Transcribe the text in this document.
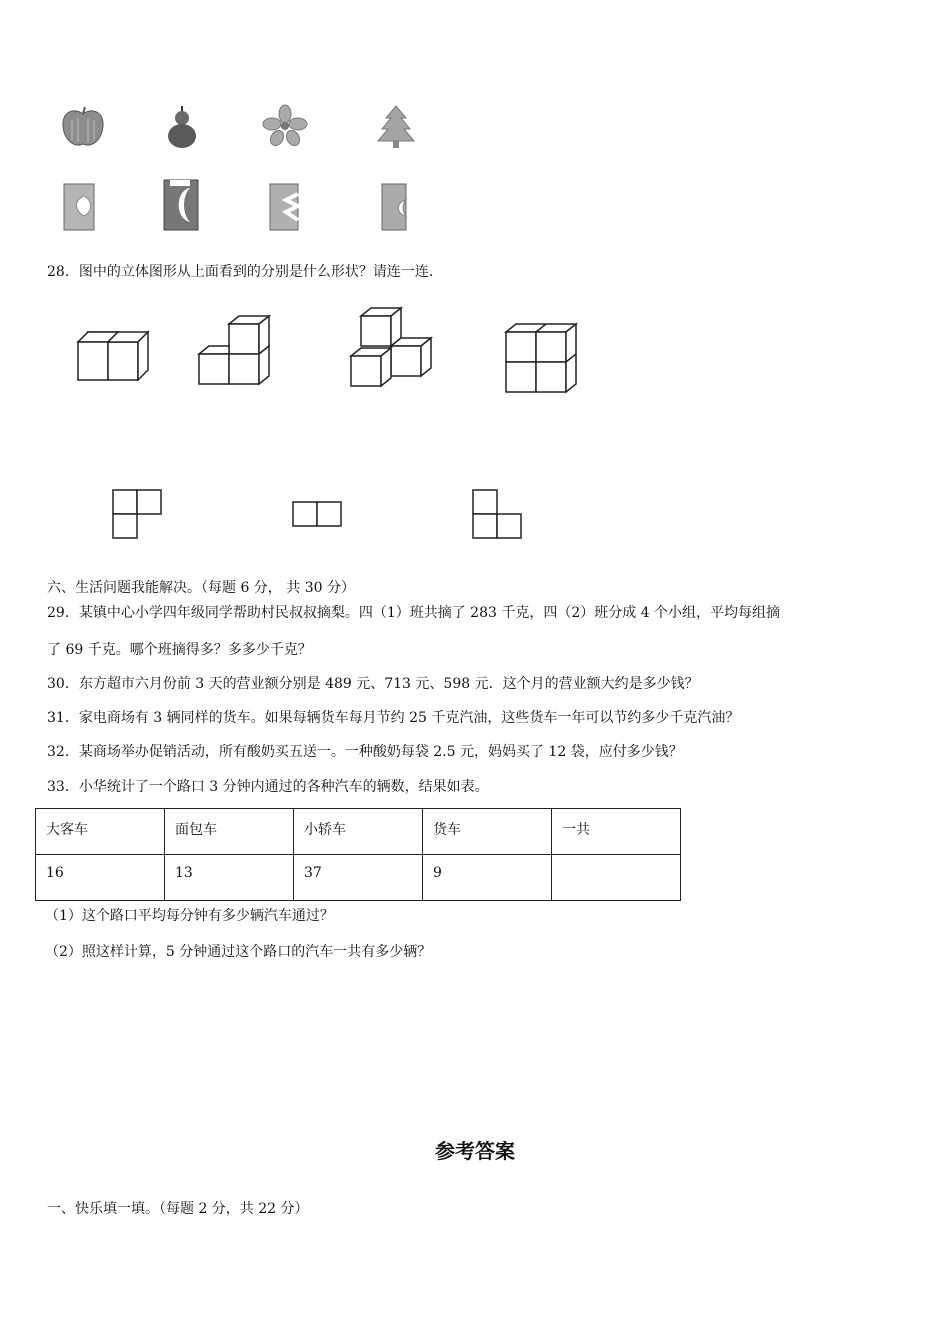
28．图中的立体图形从上面看到的分别是什么形状？请连一连.
六、生活问题我能解决。（每题 6 分， 共 30 分）
29．某镇中心小学四年级同学帮助村民叔叔摘梨。四（1）班共摘了 283 千克，四（2）班分成 4 个小组，平均每组摘
了 69 千克。哪个班摘得多？多多少千克？
30．东方超市六月份前 3 天的营业额分别是 489 元、713 元、598 元．这个月的营业额大约是多少钱？
31．家电商场有 3 辆同样的货车。如果每辆货车每月节约 25 千克汽油，这些货车一年可以节约多少千克汽油？
32．某商场举办促销活动，所有酸奶买五送一。一种酸奶每袋 2.5 元，妈妈买了 12 袋，应付多少钱？
33．小华统计了一个路口 3 分钟内通过的各种汽车的辆数，结果如表。
大客车	面包车	小轿车	货车	一共
16	13	37	9	
（1）这个路口平均每分钟有多少辆汽车通过？
（2）照这样计算，5 分钟通过这个路口的汽车一共有多少辆？
参考答案
一、快乐填一填。（每题 2 分，共 22 分）
